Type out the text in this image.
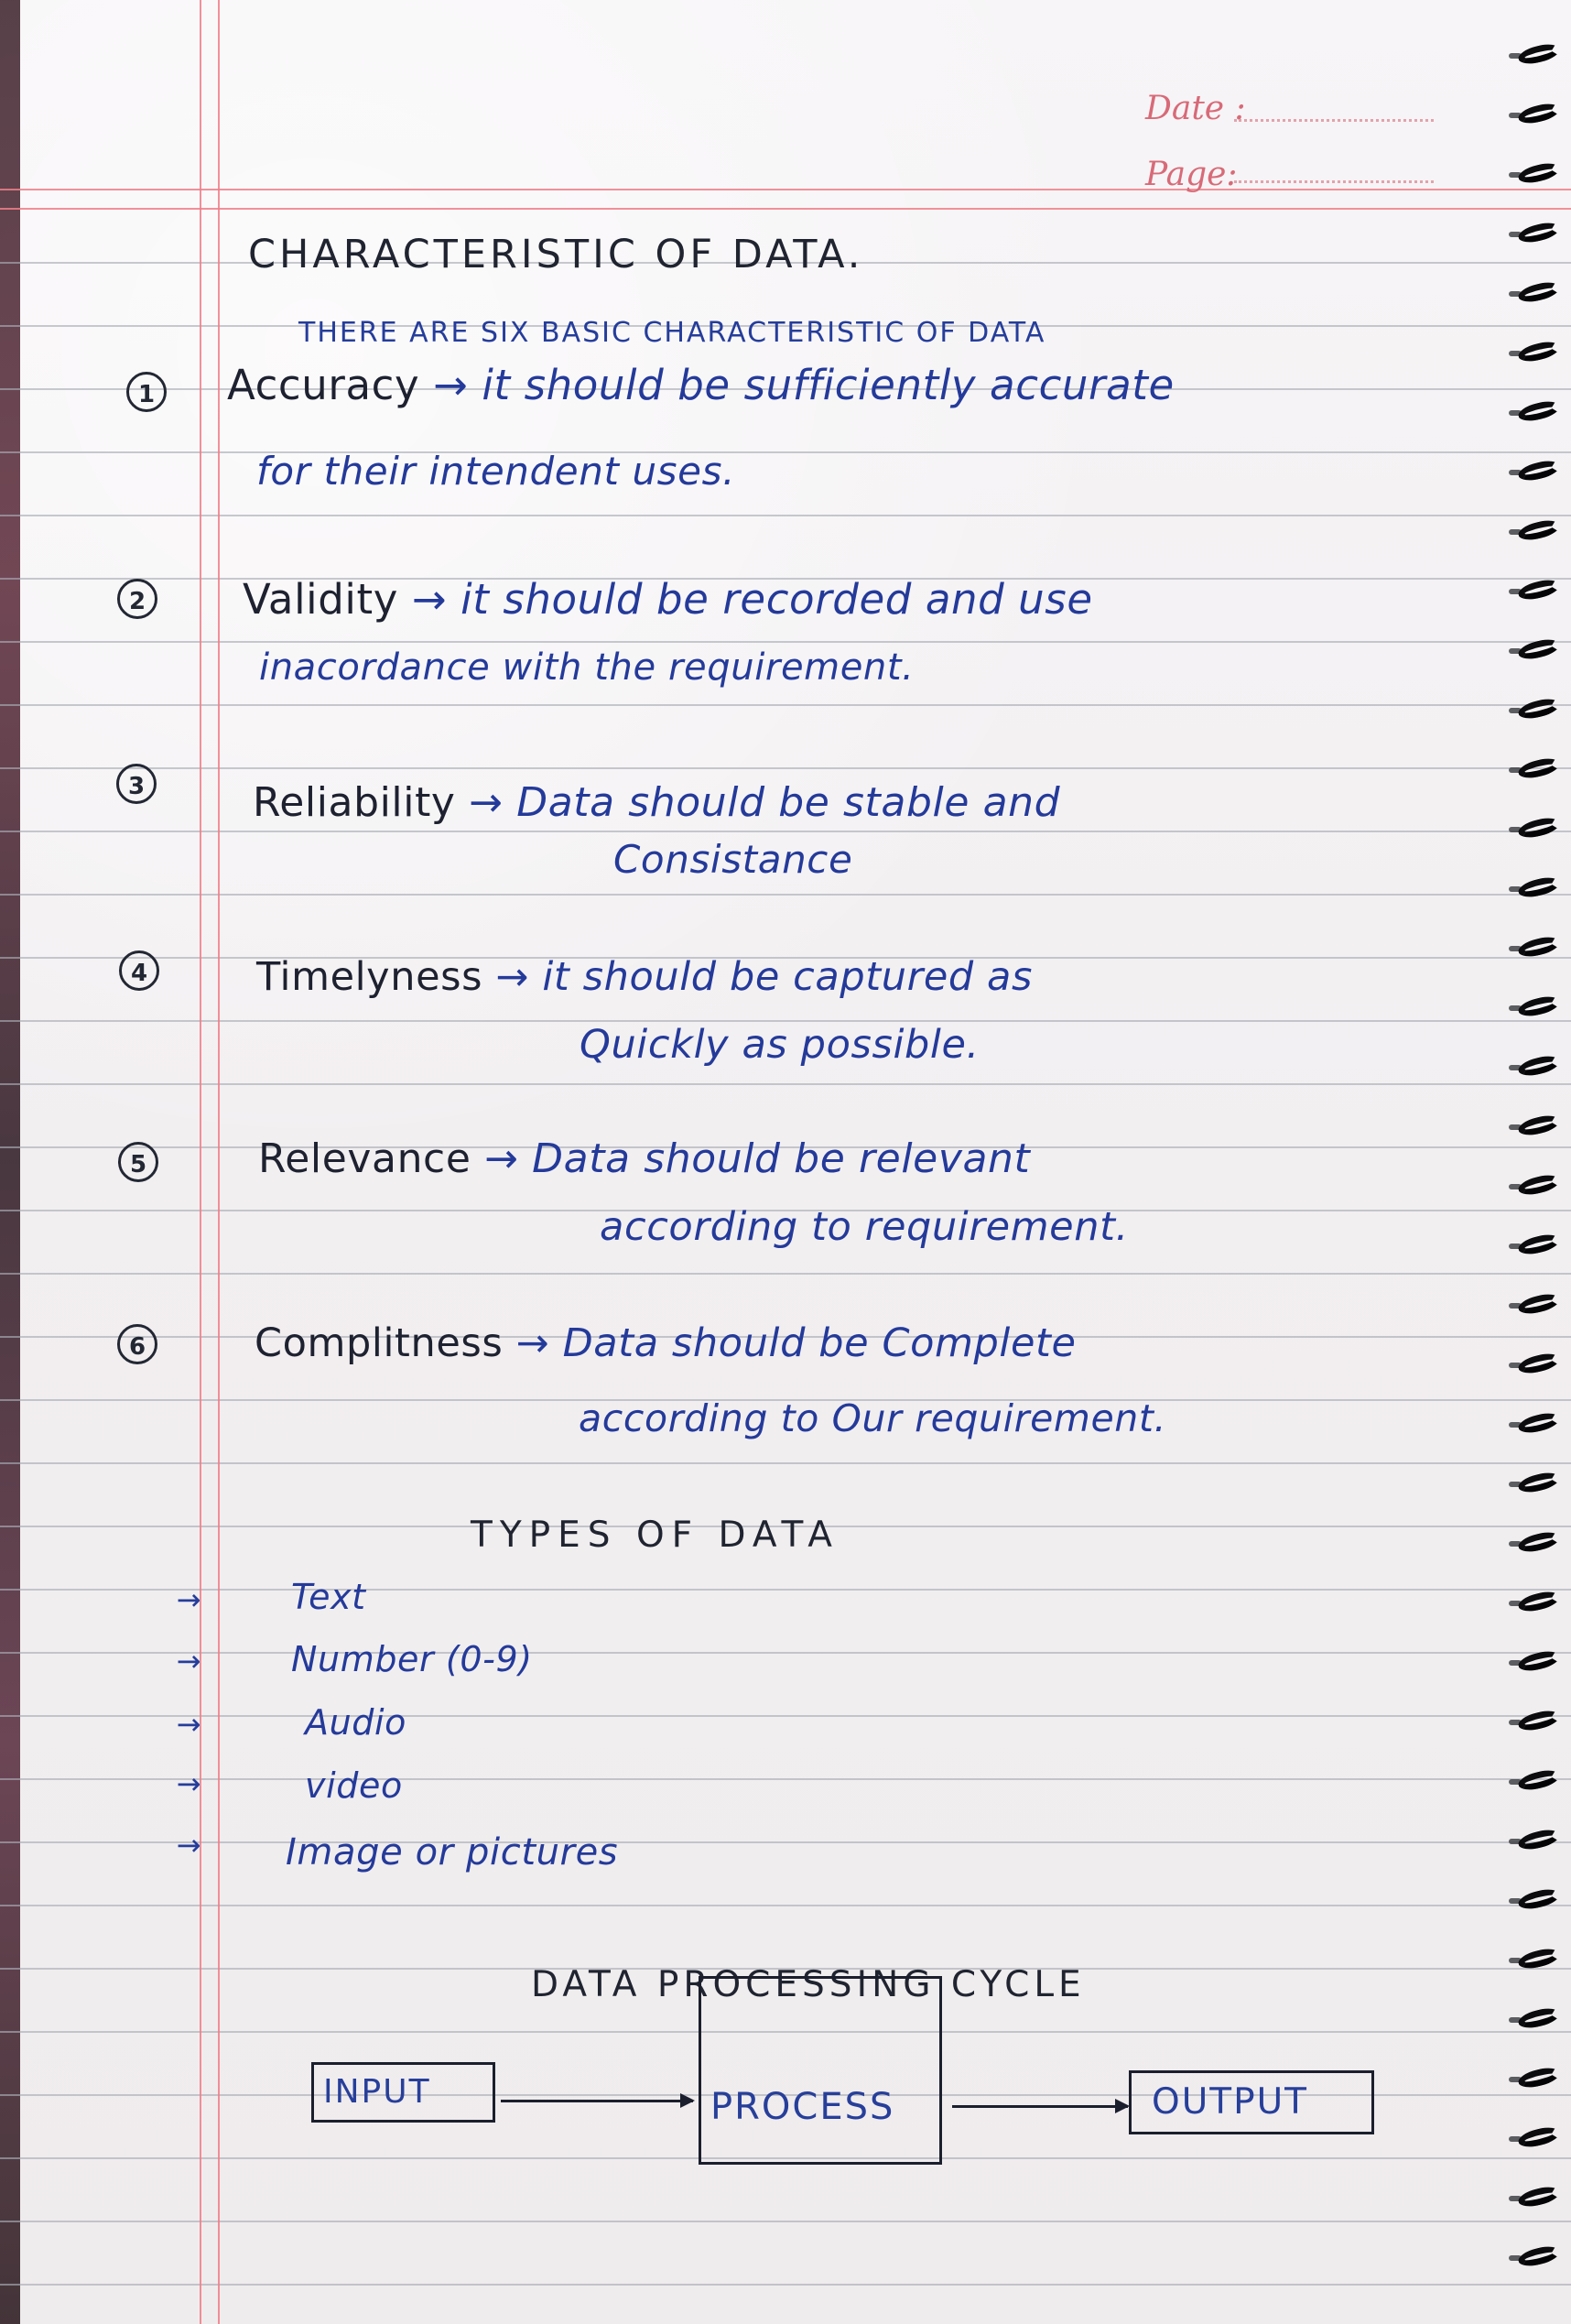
Date :
Page:
CHARACTERISTIC OF DATA.
THERE ARE SIX BASIC CHARACTERISTIC OF DATA
1 Accuracy → it should be sufficiently accurate
for their intendent uses.
2 Validity → it should be recorded and use
inacordance with the requirement.
3	Reliability → Data should be stable and
Consistance
4	Timelyness → it should be captured as
Quickly as possible.
5	Relevance → Data should be relevant
according to requirement.
6	Complitness → Data should be Complete
according to Our requirement.
TYPES OF DATA
→	Text
→	Number (0-9)
→	Audio
→	video
→ Image or pictures
DATA PROCESSING CYCLE
INPUT	PROCESS	OUTPUT
